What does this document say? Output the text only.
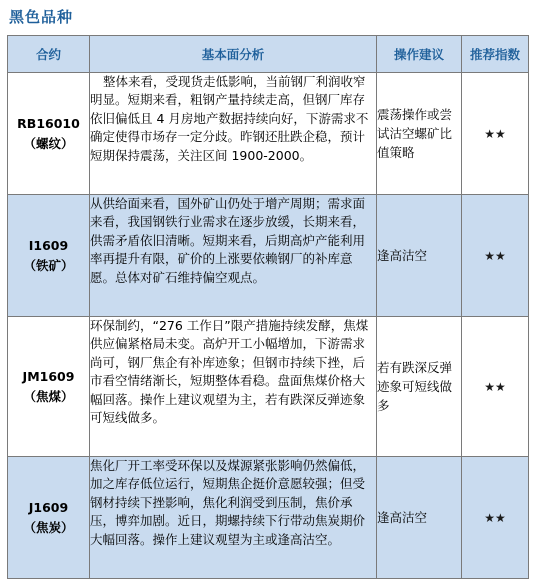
黑色品种
合约	基本面分析	操作建议	推荐指数

RB16010
（螺纹）	整体来看，受现货走低影响，当前钢厂利润收窄明显。短期来看，粗钢产量持续走高，但钢厂库存依旧偏低且 4 月房地产数据持续向好，下游需求不确定使得市场存一定分歧。昨钢还肚跌企稳，预计短期保持震荡，关注区间 1900-2000。	震荡操作或尝试沽空螺矿比值策略	★★

I1609
（铁矿）	从供给面来看，国外矿山仍处于增产周期；需求面来看，我国钢铁行业需求在逐步放缓，长期来看，供需矛盾依旧清晰。短期来看，后期高炉产能利用率再提升有限，矿价的上涨要依赖钢厂的补库意愿。总体对矿石维持偏空观点。	逢高沽空	★★

JM1609
（焦煤）	环保制约，“276 工作日”限产措施持续发酵，焦煤供应偏紧格局未变。高炉开工小幅增加，下游需求尚可，钢厂焦企有补库迹象；但钢市持续下挫，后市看空情绪渐长，短期整体看稳。盘面焦煤价格大幅回落。操作上建议观望为主，若有跌深反弹迹象可短线做多。	若有跌深反弹迹象可短线做多	★★

J1609
（焦炭）	焦化厂开工率受环保以及煤源紧张影响仍然偏低，加之库存低位运行，短期焦企挺价意愿较强；但受钢材持续下挫影响，焦化利润受到压制，焦价承压，博弈加剧。近日，期螺持续下行带动焦炭期价大幅回落。操作上建议观望为主或逢高沽空。	逢高沽空	★★
